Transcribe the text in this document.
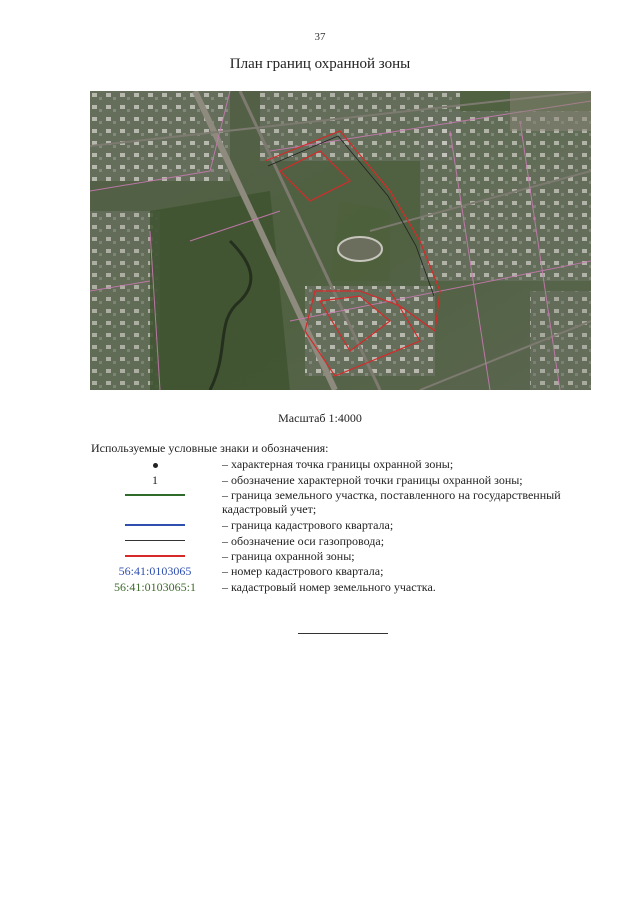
37
План границ охранной зоны
Масштаб 1:4000
Используемые условные знаки и обозначения:
– характерная точка границы охранной зоны;
1	– обозначение характерной точки границы охранной зоны;
– граница земельного участка, поставленного на государственный кадастровый учет;
– граница кадастрового квартала;
– обозначение оси газопровода;
– граница охранной зоны;
56:41:0103065	– номер кадастрового квартала;
56:41:0103065:1	– кадастровый номер земельного участка.
